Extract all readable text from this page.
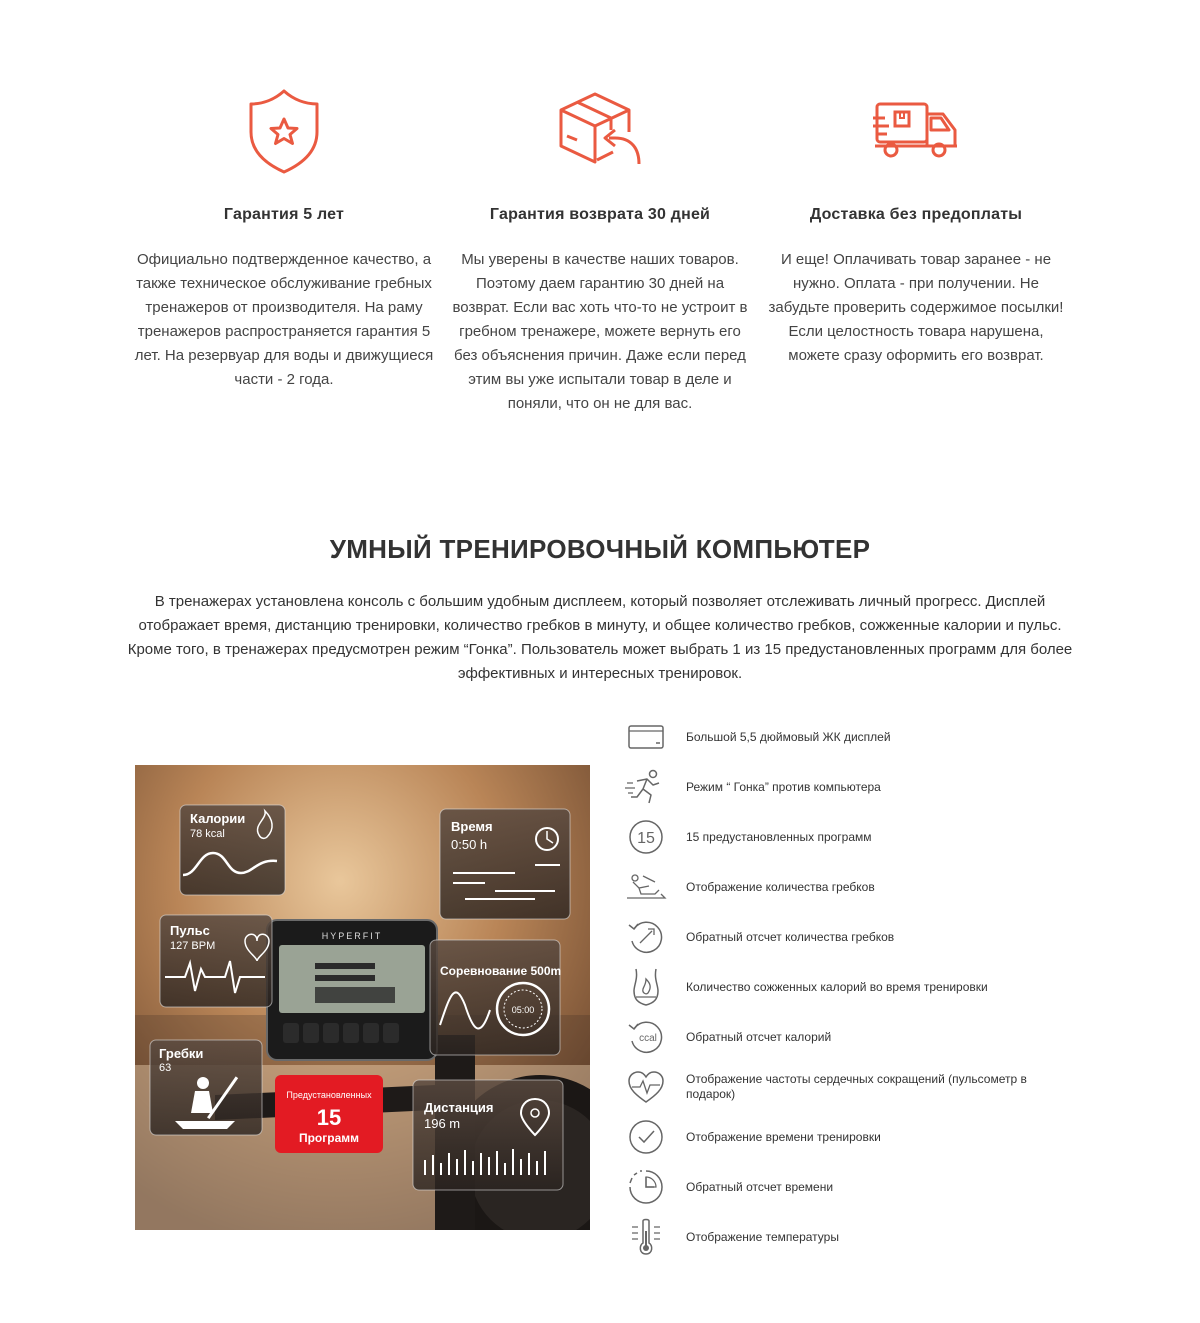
Гарантия 5 лет

Официально подтвержденное качество, а также техническое обслуживание гребных тренажеров от производителя. На раму тренажеров распространяется гарантия 5 лет. На резервуар для воды и движущиеся части - 2 года.

Гарантия возврата 30 дней

Мы уверены в качестве наших товаров. Поэтому даем гарантию 30 дней на возврат. Если вас хоть что-то не устроит в гребном тренажере, можете вернуть его без объяснения причин. Даже если перед этим вы уже испытали товар в деле и поняли, что он не для вас.

Доставка без предоплаты

И еще! Оплачивать товар заранее - не нужно. Оплата - при получении. Не забудьте проверить содержимое посылки! Если целостность товара нарушена, можете сразу оформить его возврат.

УМНЫЙ ТРЕНИРОВОЧНЫЙ КОМПЬЮТЕР

В тренажерах установлена консоль с большим удобным дисплеем, который позволяет отслеживать личный прогресс. Дисплей отображает время, дистанцию тренировки, количество гребков в минуту, и общее количество гребков, сожженные калории и пульс. Кроме того, в тренажерах предусмотрен режим “Гонка”. Пользователь может выбрать 1 из 15 предустановленных программ для более эффективных и интересных тренировок.

HYPERFIT
Калории
78 kcal	Время
0:50 h
Пульс
127 BPM
Соревнование 500m
05:00
Гребки
63
Предустановленных
15
Программ
Дистанция
196 m
Большой 5,5 дюймовый ЖК дисплей
Режим “ Гонка” против компьютера
15	15 предустановленных программ
Отображение количества гребков
Обратный отсчет количества гребков
Количество сожженных калорий во время тренировки
ccal Обратный отсчет калорий
Отображение частоты сердечных сокращений (пульсометр в подарок)
Отображение времени тренировки
Обратный отсчет времени
Отображение температуры
